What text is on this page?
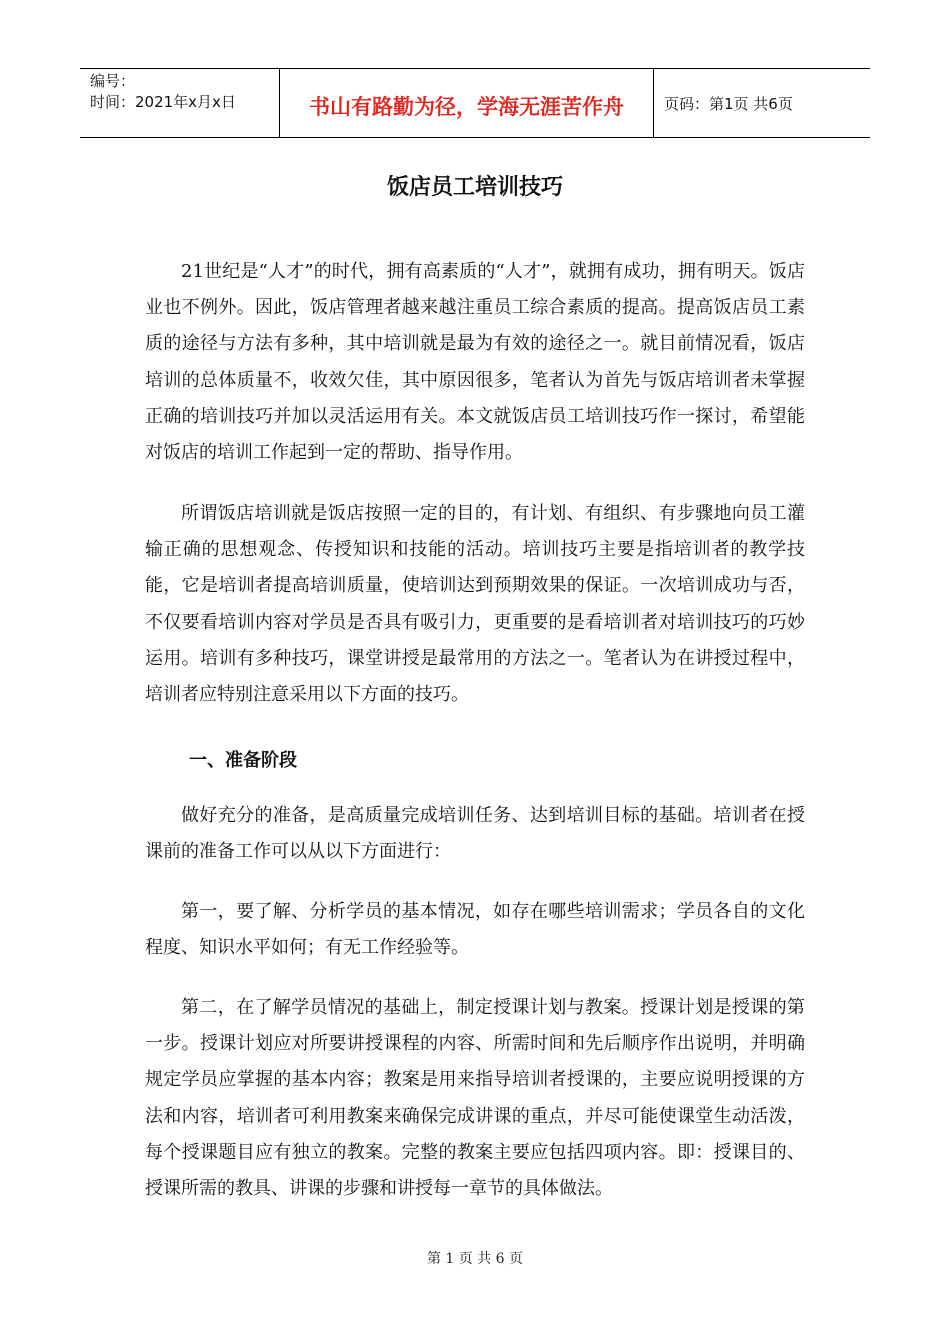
编号：
时间：2021年x月x日	书山有路勤为径，学海无涯苦作舟	页码：第1页 共6页
饭店员工培训技巧

21世纪是“人才”的时代，拥有高素质的“人才”，就拥有成功，拥有明天。饭店业也不例外。因此，饭店管理者越来越注重员工综合素质的提高。提高饭店员工素质的途径与方法有多种，其中培训就是最为有效的途径之一。就目前情况看，饭店培训的总体质量不，收效欠佳，其中原因很多，笔者认为首先与饭店培训者未掌握正确的培训技巧并加以灵活运用有关。本文就饭店员工培训技巧作一探讨，希望能对饭店的培训工作起到一定的帮助、指导作用。

所谓饭店培训就是饭店按照一定的目的，有计划、有组织、有步骤地向员工灌输正确的思想观念、传授知识和技能的活动。培训技巧主要是指培训者的教学技能，它是培训者提高培训质量，使培训达到预期效果的保证。一次培训成功与否，不仅要看培训内容对学员是否具有吸引力，更重要的是看培训者对培训技巧的巧妙运用。培训有多种技巧，课堂讲授是最常用的方法之一。笔者认为在讲授过程中，培训者应特别注意采用以下方面的技巧。

一、准备阶段

做好充分的准备，是高质量完成培训任务、达到培训目标的基础。培训者在授课前的准备工作可以从以下方面进行：

第一，要了解、分析学员的基本情况，如存在哪些培训需求；学员各自的文化程度、知识水平如何；有无工作经验等。

第二，在了解学员情况的基础上，制定授课计划与教案。授课计划是授课的第一步。授课计划应对所要讲授课程的内容、所需时间和先后顺序作出说明，并明确规定学员应掌握的基本内容；教案是用来指导培训者授课的，主要应说明授课的方法和内容，培训者可利用教案来确保完成讲课的重点，并尽可能使课堂生动活泼，每个授课题目应有独立的教案。完整的教案主要应包括四项内容。即：授课目的、授课所需的教具、讲课的步骤和讲授每一章节的具体做法。

第 1 页 共 6 页
